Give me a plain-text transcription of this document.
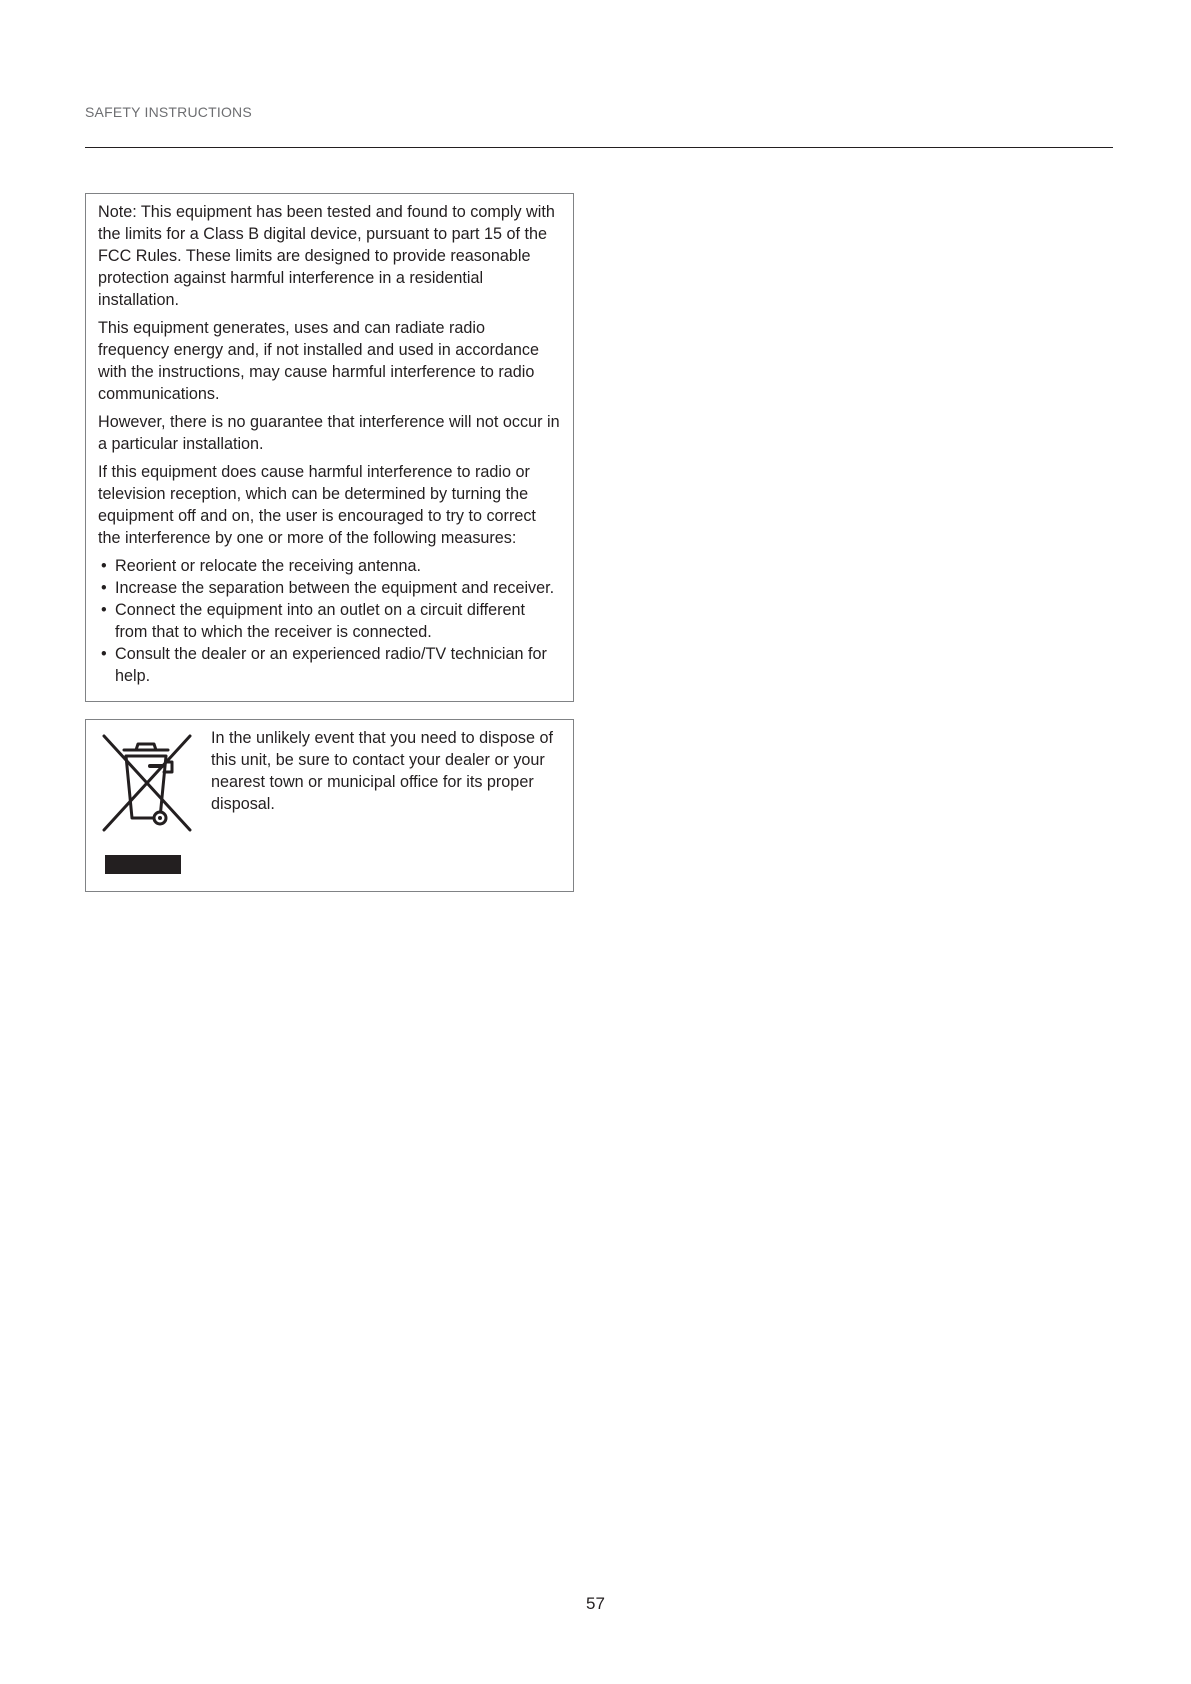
SAFETY INSTRUCTIONS

Note: This equipment has been tested and found to comply with the limits for a Class B digital device, pursuant to part 15 of the FCC Rules. These limits are designed to provide reasonable protection against harmful interference in a residential installation.

This equipment generates, uses and can radiate radio frequency energy and, if not installed and used in accordance with the instructions, may cause harmful interference to radio communications.

However, there is no guarantee that interference will not occur in a particular installation.

If this equipment does cause harmful interference to radio or television reception, which can be determined by turning the equipment off and on, the user is encouraged to try to correct the interference by one or more of the following measures:

• Reorient or relocate the receiving antenna.
• Increase the separation between the equipment and receiver.
• Connect the equipment into an outlet on a circuit different from that to which the receiver is connected.
• Consult the dealer or an experienced radio/TV technician for help.
In the unlikely event that you need to dispose of this unit, be sure to contact your dealer or your nearest town or municipal office for its proper disposal.
57
